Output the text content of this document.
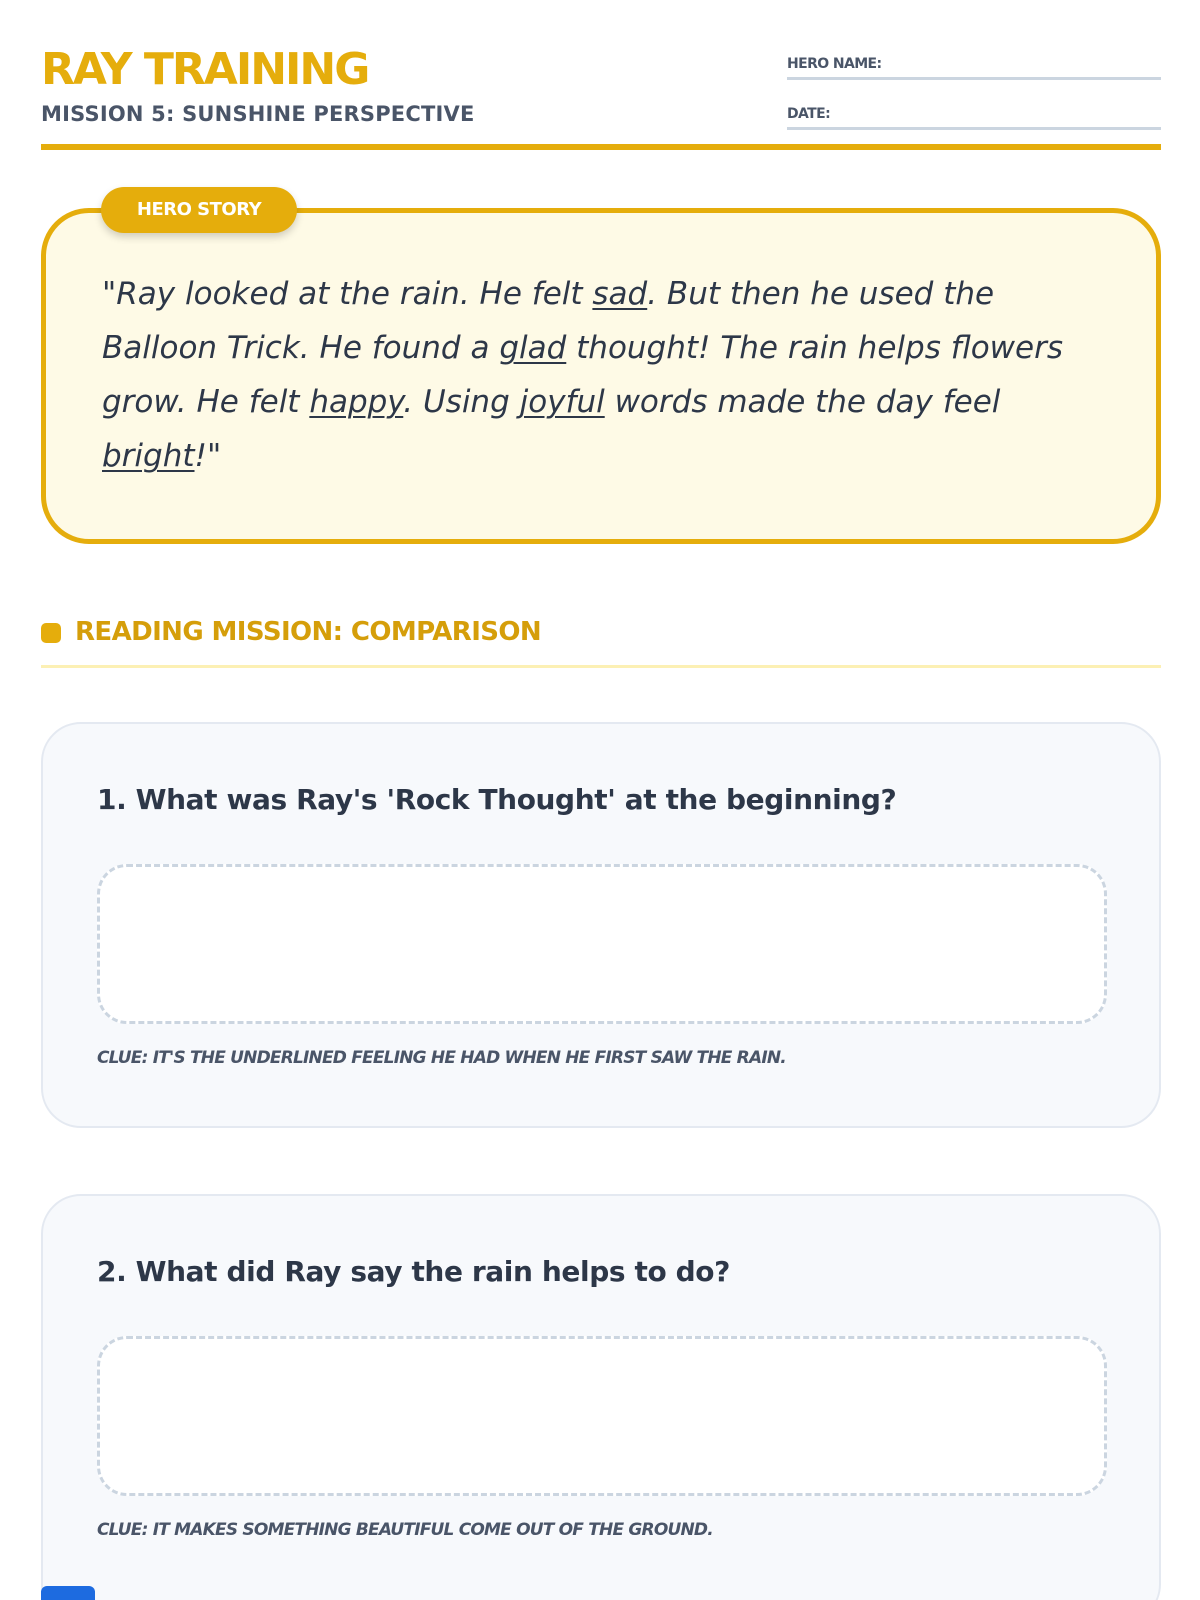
RAY TRAINING
MISSION 5: SUNSHINE PERSPECTIVE
HERO NAME:
DATE:

"Ray looked at the rain. He felt sad. But then he used the Balloon Trick. He found a glad thought! The rain helps flowers grow. He felt happy. Using joyful words made the day feel bright!"

HERO STORY
READING MISSION: COMPARISON
1. What was Ray's 'Rock Thought' at the beginning?
CLUE: IT'S THE UNDERLINED FEELING HE HAD WHEN HE FIRST SAW THE RAIN.
2. What did Ray say the rain helps to do?
CLUE: IT MAKES SOMETHING BEAUTIFUL COME OUT OF THE GROUND.
